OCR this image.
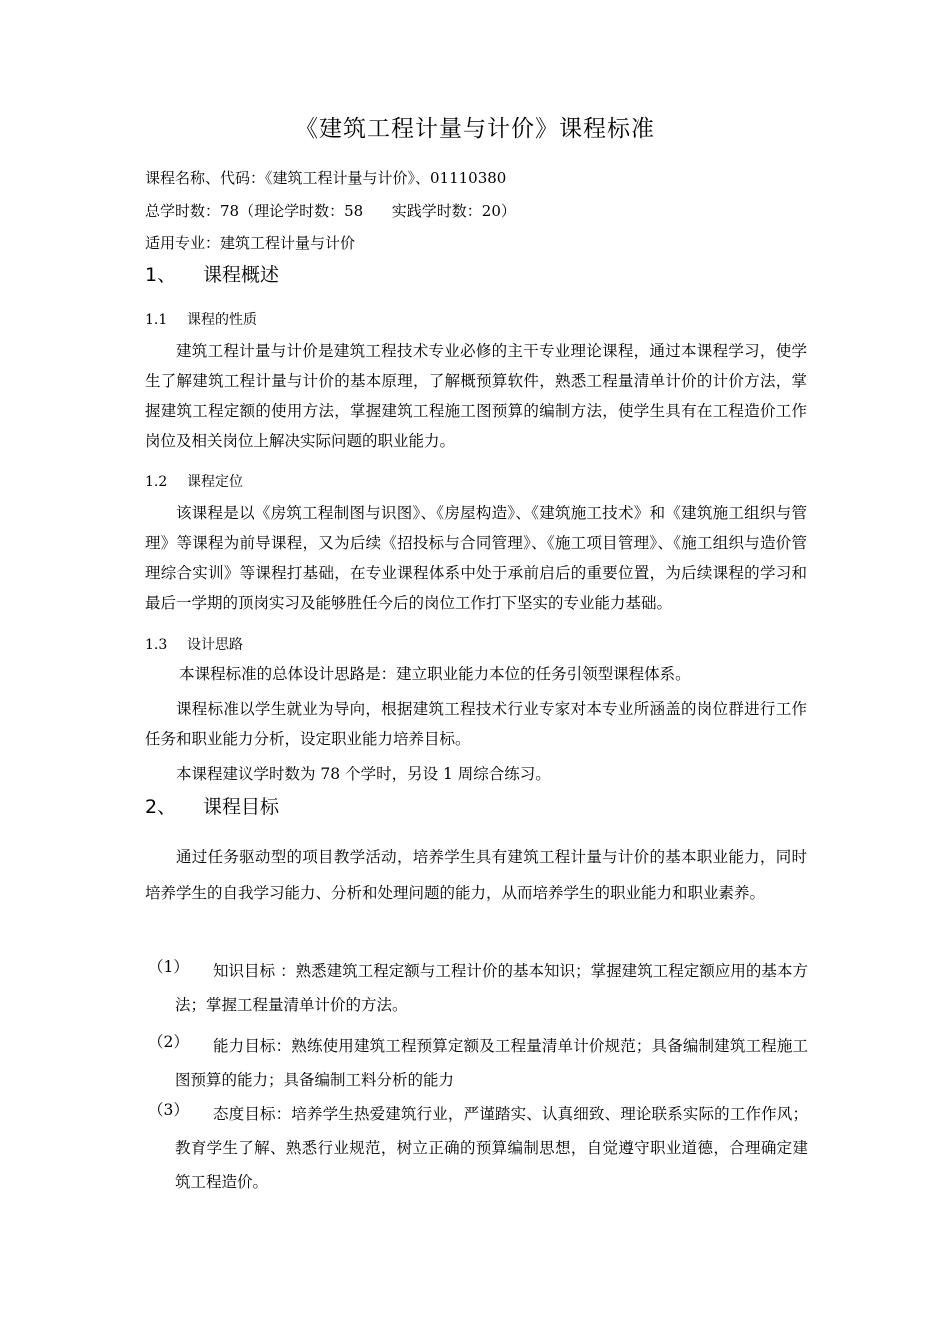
《建筑工程计量与计价》课程标准
课程名称、代码：《建筑工程计量与计价》、01110380
总学时数：78（理论学时数：58      实践学时数：20）
适用专业：建筑工程计量与计价
1、 课程概述
1.1 课程的性质
建筑工程计量与计价是建筑工程技术专业必修的主干专业理论课程，通过本课程学习，使学生了解建筑工程计量与计价的基本原理，了解概预算软件，熟悉工程量清单计价的计价方法，掌握建筑工程定额的使用方法，掌握建筑工程施工图预算的编制方法，使学生具有在工程造价工作岗位及相关岗位上解决实际问题的职业能力。
1.2 课程定位
该课程是以《房筑工程制图与识图》、《房屋构造》、《建筑施工技术》和《建筑施工组织与管理》等课程为前导课程，又为后续《招投标与合同管理》、《施工项目管理》、《施工组织与造价管理综合实训》等课程打基础，在专业课程体系中处于承前启后的重要位置，为后续课程的学习和最后一学期的顶岗实习及能够胜任今后的岗位工作打下坚实的专业能力基础。
1.3 设计思路
本课程标准的总体设计思路是：建立职业能力本位的任务引领型课程体系。
课程标准以学生就业为导向，根据建筑工程技术行业专家对本专业所涵盖的岗位群进行工作任务和职业能力分析，设定职业能力培养目标。
本课程建议学时数为 78 个学时，另设 1 周综合练习。
2、 课程目标
通过任务驱动型的项目教学活动，培养学生具有建筑工程计量与计价的基本职业能力，同时培养学生的自我学习能力、分析和处理问题的能力，从而培养学生的职业能力和职业素养。
（1）	知识目标 ：熟悉建筑工程定额与工程计价的基本知识；掌握建筑工程定额应用的基本方法；掌握工程量清单计价的方法。
（2）	能力目标：熟练使用建筑工程预算定额及工程量清单计价规范；具备编制建筑工程施工图预算的能力；具备编制工料分析的能力
（3）	态度目标：培养学生热爱建筑行业，严谨踏实、认真细致、理论联系实际的工作作风；教育学生了解、熟悉行业规范，树立正确的预算编制思想，自觉遵守职业道德，合理确定建筑工程造价。
